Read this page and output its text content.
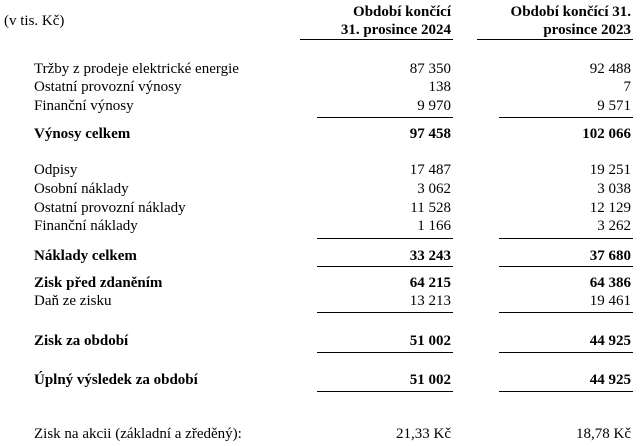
(v tis. Kč)
Období končící
31. prosince 2024
Období končící 31.
prosince 2023
Tržby z prodeje elektrické energie	87 350	92 488
Ostatní provozní výnosy	138	7
Finanční výnosy	9 970	9 571
Výnosy celkem	97 458	102 066
Odpisy	17 487	19 251
Osobní náklady	3 062	3 038
Ostatní provozní náklady	11 528	12 129
Finanční náklady	1 166	3 262
Náklady celkem	33 243	37 680
Zisk před zdaněním	64 215	64 386
Daň ze zisku	13 213	19 461
Zisk za období	51 002	44 925
Úplný výsledek za období	51 002	44 925
Zisk na akcii (základní a zředěný):	21,33 Kč	18,78 Kč
